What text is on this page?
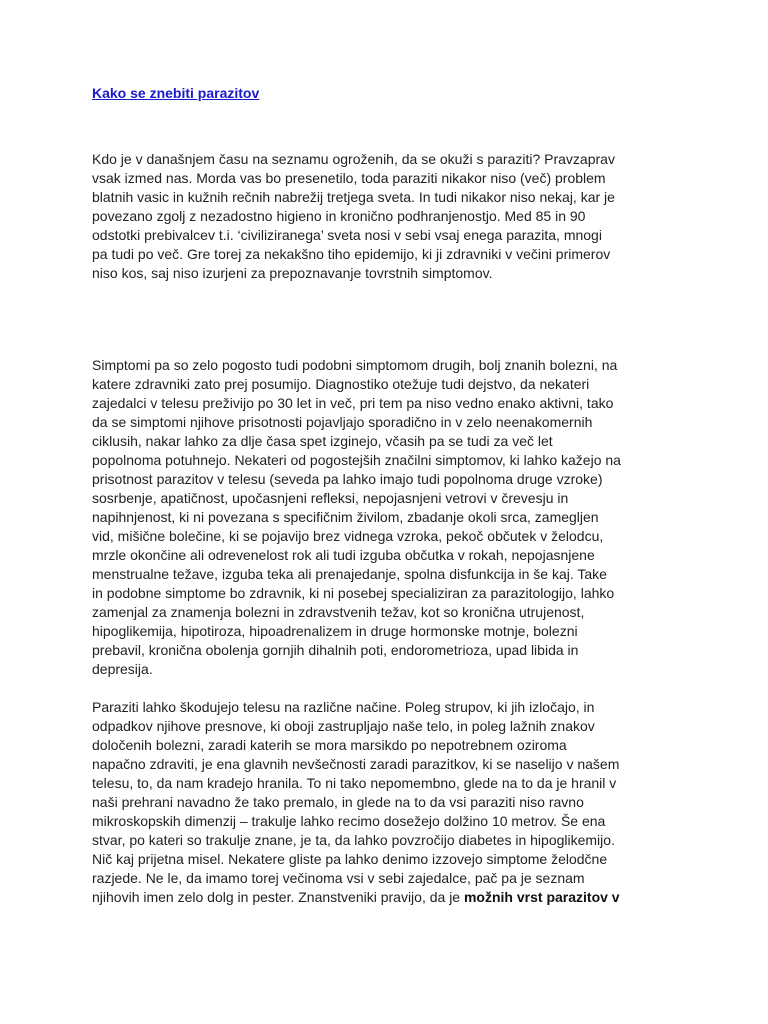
Kako se znebiti parazitov
Kdo je v današnjem času na seznamu ogroženih, da se okuži s paraziti? Pravzaprav
vsak izmed nas. Morda vas bo presenetilo, toda paraziti nikakor niso (več) problem
blatnih vasic in kužnih rečnih nabrežij tretjega sveta. In tudi nikakor niso nekaj, kar je
povezano zgolj z nezadostno higieno in kronično podhranjenostjo. Med 85 in 90
odstotki prebivalcev t.i. ‘civiliziranega’ sveta nosi v sebi vsaj enega parazita, mnogi
pa tudi po več. Gre torej za nekakšno tiho epidemijo, ki ji zdravniki v večini primerov
niso kos, saj niso izurjeni za prepoznavanje tovrstnih simptomov.
Simptomi pa so zelo pogosto tudi podobni simptomom drugih, bolj znanih bolezni, na
katere zdravniki zato prej posumijo. Diagnostiko otežuje tudi dejstvo, da nekateri
zajedalci v telesu preživijo po 30 let in več, pri tem pa niso vedno enako aktivni, tako
da se simptomi njihove prisotnosti pojavljajo sporadično in v zelo neenakomernih
ciklusih, nakar lahko za dlje časa spet izginejo, včasih pa se tudi za več let
popolnoma potuhnejo. Nekateri od pogostejših značilni simptomov, ki lahko kažejo na
prisotnost parazitov v telesu (seveda pa lahko imajo tudi popolnoma druge vzroke)
sosrbenje, apatičnost, upočasnjeni refleksi, nepojasnjeni vetrovi v črevesju in
napihnjenost, ki ni povezana s specifičnim živilom, zbadanje okoli srca, zamegljen
vid, mišične bolečine, ki se pojavijo brez vidnega vzroka, pekoč občutek v želodcu,
mrzle okončine ali odrevenelost rok ali tudi izguba občutka v rokah, nepojasnjene
menstrualne težave, izguba teka ali prenajedanje, spolna disfunkcija in še kaj. Take
in podobne simptome bo zdravnik, ki ni posebej specializiran za parazitologijo, lahko
zamenjal za znamenja bolezni in zdravstvenih težav, kot so kronična utrujenost,
hipoglikemija, hipotiroza, hipoadrenalizem in druge hormonske motnje, bolezni
prebavil, kronična obolenja gornjih dihalnih poti, endorometrioza, upad libida in
depresija.
Paraziti lahko škodujejo telesu na različne načine. Poleg strupov, ki jih izločajo, in
odpadkov njihove presnove, ki oboji zastrupljajo naše telo, in poleg lažnih znakov
določenih bolezni, zaradi katerih se mora marsikdo po nepotrebnem oziroma
napačno zdraviti, je ena glavnih nevšečnosti zaradi parazitkov, ki se naselijo v našem
telesu, to, da nam kradejo hranila. To ni tako nepomembno, glede na to da je hranil v
naši prehrani navadno že tako premalo, in glede na to da vsi paraziti niso ravno
mikroskopskih dimenzij – trakulje lahko recimo dosežejo dolžino 10 metrov. Še ena
stvar, po kateri so trakulje znane, je ta, da lahko povzročijo diabetes in hipoglikemijo.
Nič kaj prijetna misel. Nekatere gliste pa lahko denimo izzovejo simptome želodčne
razjede. Ne le, da imamo torej večinoma vsi v sebi zajedalce, pač pa je seznam
njihovih imen zelo dolg in pester. Znanstveniki pravijo, da je možnih vrst parazitov v
